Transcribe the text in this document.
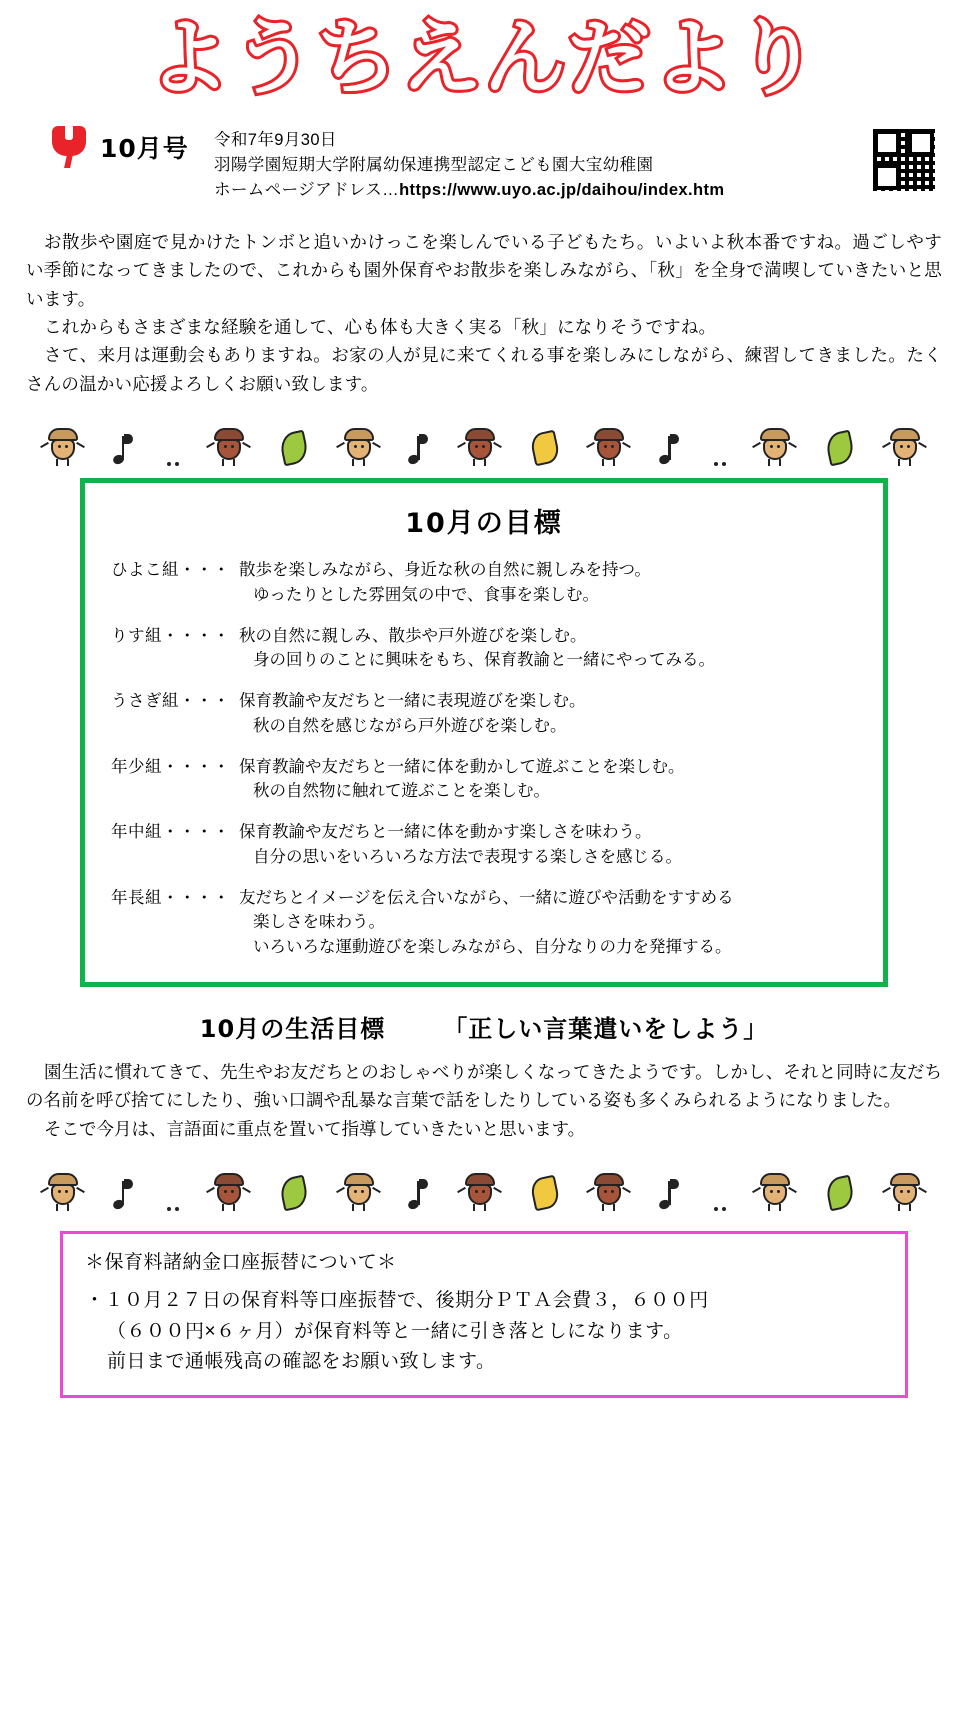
ようちえんだより
10月号 令和7年9月30日
羽陽学園短期大学附属幼保連携型認定こども園大宝幼稚園
ホームページアドレス…https://www.uyo.ac.jp/daihou/index.htm

お散歩や園庭で見かけたトンボと追いかけっこを楽しんでいる子どもたち。いよいよ秋本番ですね。過ごしやすい季節になってきましたので、これからも園外保育やお散歩を楽しみながら、「秋」を全身で満喫していきたいと思います。

これからもさまざまな経験を通して、心も体も大きく実る「秋」になりそうですね。

さて、来月は運動会もありますね。お家の人が見に来てくれる事を楽しみにしながら、練習してきました。たくさんの温かい応援よろしくお願い致します。

10月の目標
ひよこ組・・・ 散歩を楽しみながら、身近な秋の自然に親しみを持つ。
ゆったりとした雰囲気の中で、食事を楽しむ。
りす組・・・・ 秋の自然に親しみ、散歩や戸外遊びを楽しむ。
身の回りのことに興味をもち、保育教諭と一緒にやってみる。
うさぎ組・・・ 保育教諭や友だちと一緒に表現遊びを楽しむ。
秋の自然を感じながら戸外遊びを楽しむ。
年少組・・・・ 保育教諭や友だちと一緒に体を動かして遊ぶことを楽しむ。
秋の自然物に触れて遊ぶことを楽しむ。
年中組・・・・ 保育教諭や友だちと一緒に体を動かす楽しさを味わう。
自分の思いをいろいろな方法で表現する楽しさを感じる。
年長組・・・・ 友だちとイメージを伝え合いながら、一緒に遊びや活動をすすめる
楽しさを味わう。
いろいろな運動遊びを楽しみながら、自分なりの力を発揮する。
10月の生活目標 「正しい言葉遣いをしよう」

園生活に慣れてきて、先生やお友だちとのおしゃべりが楽しくなってきたようです。しかし、それと同時に友だちの名前を呼び捨てにしたり、強い口調や乱暴な言葉で話をしたりしている姿も多くみられるようになりました。

そこで今月は、言語面に重点を置いて指導していきたいと思います。

＊保育料諸納金口座振替について＊
・１０月２７日の保育料等口座振替で、後期分ＰＴＡ会費３，６００円
（６００円×６ヶ月）が保育料等と一緒に引き落としになります。
前日まで通帳残高の確認をお願い致します。
